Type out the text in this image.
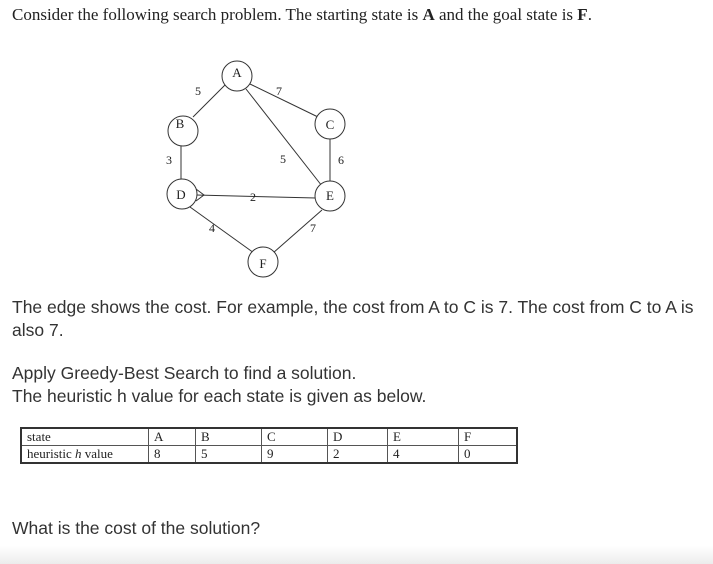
Consider the following search problem. The starting state is A and the goal state is F.
A
B	C
D	E
F
5	7
5
3	6
2
4	7
The edge shows the cost. For example, the cost from A to C is 7. The cost from C to A is also 7.
Apply Greedy-Best Search to find a solution.
The heuristic h value for each state is given as below.
state	A	B	C	D	E	F
heuristic h value	8	5	9	2	4	0
What is the cost of the solution?
